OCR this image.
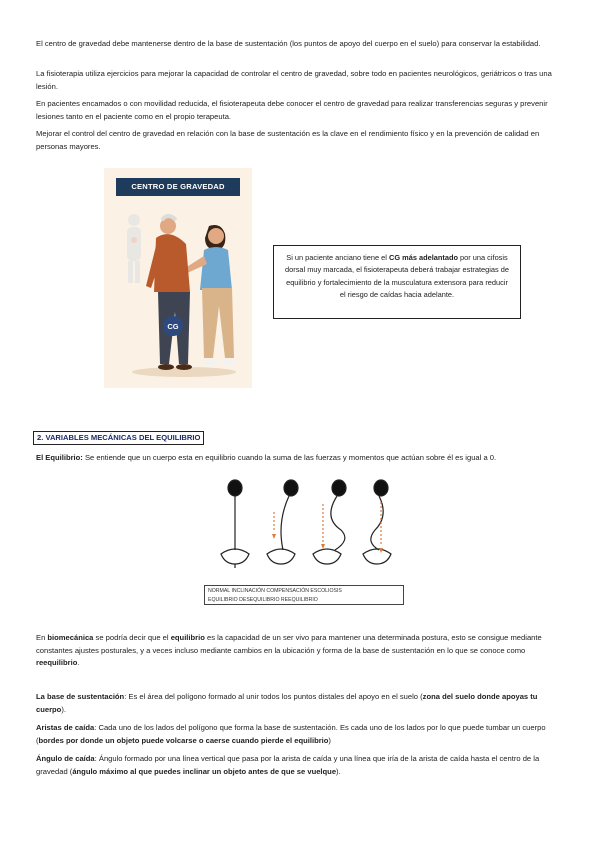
El centro de gravedad debe mantenerse dentro de la base de sustentación (los puntos de apoyo del cuerpo en el suelo) para conservar la estabilidad.
La fisioterapia utiliza ejercicios para mejorar la capacidad de controlar el centro de gravedad, sobre todo en pacientes neurológicos, geriátricos o tras una lesión.
En pacientes encamados o con movilidad reducida, el fisioterapeuta debe conocer el centro de gravedad para realizar transferencias seguras y prevenir lesiones tanto en el paciente como en el propio terapeuta.
Mejorar el control del centro de gravedad en relación con la base de sustentación es la clave en el rendimiento físico y en la prevención de calidad en personas mayores.
CG
CENTRO DE GRAVEDAD
Si un paciente anciano tiene el CG más adelantado por una cifosis dorsal muy marcada, el fisioterapeuta deberá trabajar estrategias de equilibrio y fortalecimiento de la musculatura extensora para reducir el riesgo de caídas hacia adelante.
2. VARIABLES MECÁNICAS DEL EQUILIBRIO
El Equilibrio: Se entiende que un cuerpo esta en equilibrio cuando la suma de las fuerzas y momentos que actúan sobre él es igual a 0.
NORMAL INCLINACIÓN COMPENSACIÓN ESCOLIOSIS
EQUILIBRIO DESEQUILIBRIO REEQUILIBRIO
En biomecánica se podría decir que el equilibrio es la capacidad de un ser vivo para mantener una determinada postura, esto se consigue mediante constantes ajustes posturales, y a veces incluso mediante cambios en la ubicación y forma de la base de sustentación en lo que se conoce como reequilibrio.
La base de sustentación: Es el área del polígono formado al unir todos los puntos distales del apoyo en el suelo (zona del suelo donde apoyas tu cuerpo).
Aristas de caída: Cada uno de los lados del polígono que forma la base de sustentación. Es cada uno de los lados por lo que puede tumbar un cuerpo (bordes por donde un objeto puede volcarse o caerse cuando pierde el equilibrio)
Ángulo de caída: Ángulo formado por una línea vertical que pasa por la arista de caída y una línea que iría de la arista de caída hasta el centro de la gravedad (ángulo máximo al que puedes inclinar un objeto antes de que se vuelque).
